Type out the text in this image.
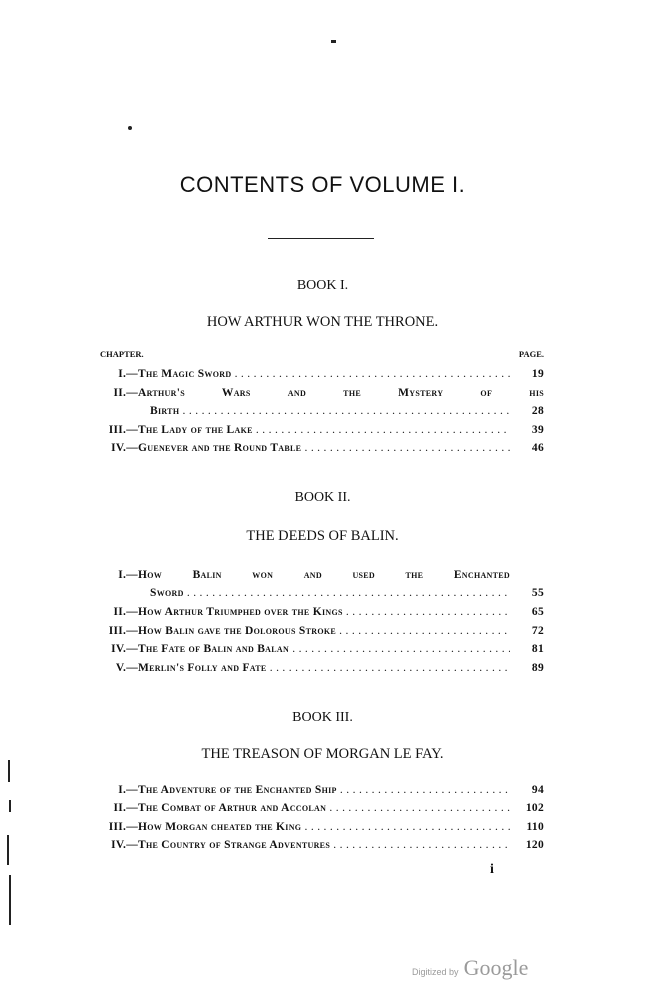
CONTENTS OF VOLUME I.
BOOK I.
HOW ARTHUR WON THE THRONE.
CHAPTER.	PAGE.
I.— The Magic Sword . . .	19
II.— Arthur's Wars and the Mystery of his
Birth . . .	28
III.— The Lady of the Lake . . .	39
IV.— Guenever and the Round Table . . .	46
BOOK II.
THE DEEDS OF BALIN.
I.— How Balin won and used the Enchanted
Sword . . .	55
II.— How Arthur Triumphed over the Kings . . .	65
III.— How Balin gave the Dolorous Stroke . . .	72
IV.— The Fate of Balin and Balan . . .	81
V.— Merlin's Folly and Fate . . .	89
BOOK III.
THE TREASON OF MORGAN LE FAY.
I.— The Adventure of the Enchanted Ship . . .	94
II.— The Combat of Arthur and Accolan . . .	102
III.— How Morgan cheated the King . . .	110
IV.— The Country of Strange Adventures . . .	120
i
Digitized by Google
